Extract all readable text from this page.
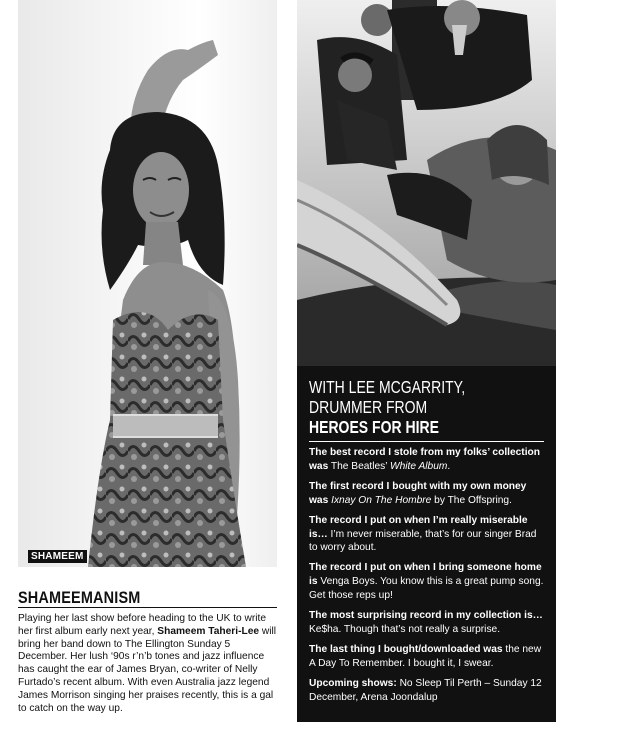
SHAMEEM
SHAMEEMANISM
Playing her last show before heading to the UK to write her first album early next year, Shameem Taheri-Lee will bring her band down to The Ellington Sunday 5 December. Her lush ‘90s r’n’b tones and jazz influence has caught the ear of James Bryan, co-writer of Nelly Furtado’s recent album. With even Australia jazz legend James Morrison singing her praises recently, this is a gal to catch on the way up.
WITH LEE MCGARRITY,
DRUMMER FROM
HEROES FOR HIRE

The best record I stole from my folks’ collection was The Beatles’ White Album.

The first record I bought with my own money was Ixnay On The Hombre by The Offspring.

The record I put on when I’m really miserable is… I’m never miserable, that’s for our singer Brad to worry about.

The record I put on when I bring someone home is Venga Boys. You know this is a great pump song. Get those reps up!

The most surprising record in my collection is… Ke$ha. Though that’s not really a surprise.

The last thing I bought/downloaded was the new A Day To Remember. I bought it, I swear.

Upcoming shows: No Sleep Til Perth – Sunday 12 December, Arena Joondalup
